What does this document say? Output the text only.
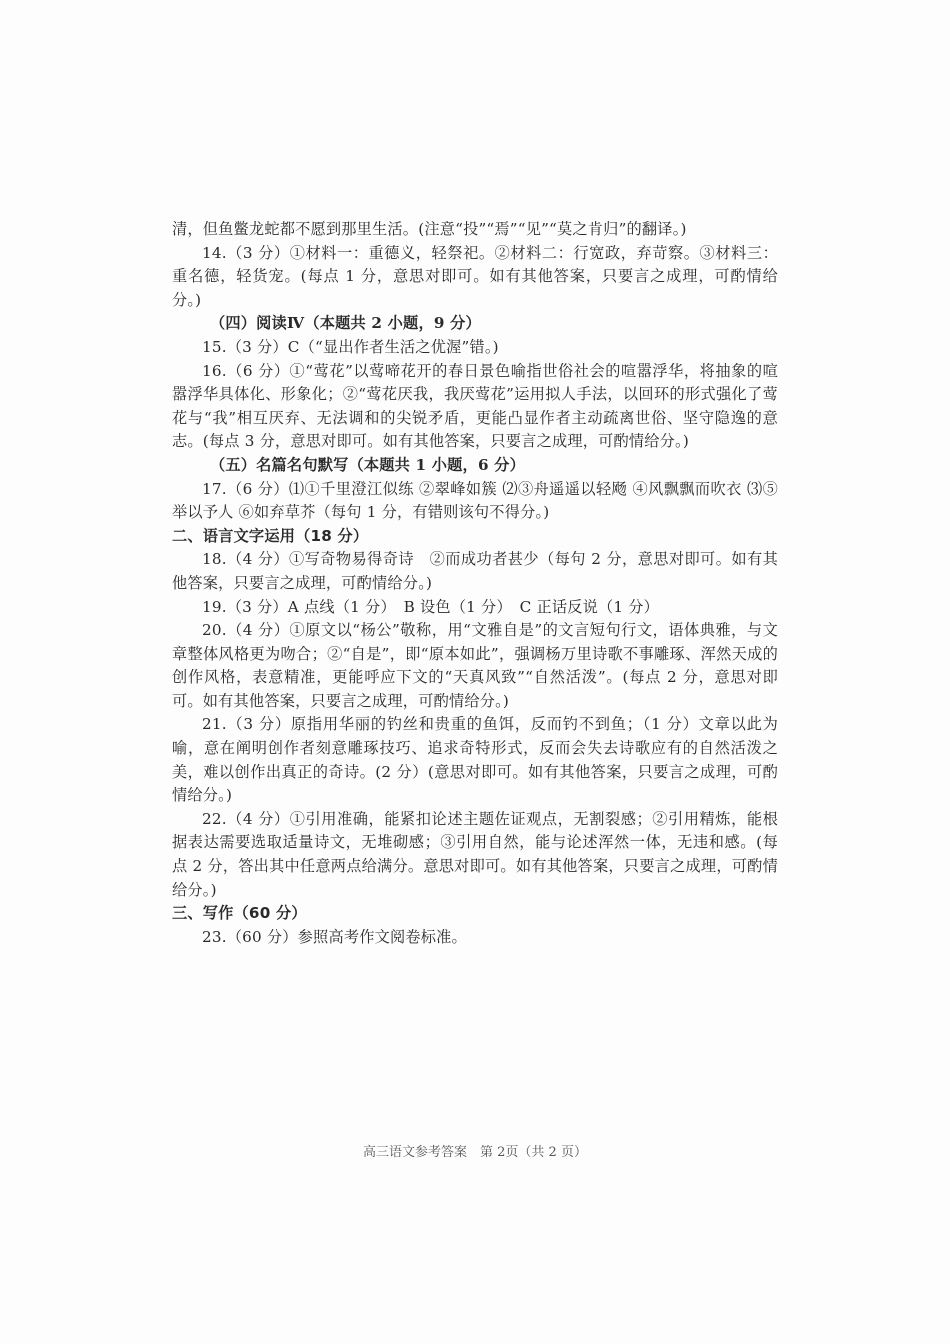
清，但鱼鳖龙蛇都不愿到那里生活。(注意“投”“焉”“见”“莫之肯归”的翻译。)

14.（3 分）①材料一：重德义，轻祭祀。②材料二：行宽政，弃苛察。③材料三：重名德，轻货宠。(每点 1 分，意思对即可。如有其他答案，只要言之成理，可酌情给分。)

（四）阅读Ⅳ（本题共 2 小题，9 分）

15.（3 分）C（“显出作者生活之优渥”错。)

16.（6 分）①“莺花”以莺啼花开的春日景色喻指世俗社会的喧嚣浮华，将抽象的喧嚣浮华具体化、形象化；②“莺花厌我，我厌莺花”运用拟人手法，以回环的形式强化了莺花与“我”相互厌弃、无法调和的尖锐矛盾，更能凸显作者主动疏离世俗、坚守隐逸的意志。(每点 3 分，意思对即可。如有其他答案，只要言之成理，可酌情给分。)

（五）名篇名句默写（本题共 1 小题，6 分）

17.（6 分）⑴①千里澄江似练 ②翠峰如簇 ⑵③舟遥遥以轻飏 ④风飘飘而吹衣 ⑶⑤举以予人 ⑥如弃草芥（每句 1 分，有错则该句不得分。)

二、语言文字运用（18 分）

18.（4 分）①写奇物易得奇诗　②而成功者甚少（每句 2 分，意思对即可。如有其他答案，只要言之成理，可酌情给分。)

19.（3 分）A 点线（1 分）　B 设色（1 分）　C 正话反说（1 分）

20.（4 分）①原文以“杨公”敬称，用“文雅自是”的文言短句行文，语体典雅，与文章整体风格更为吻合；②“自是”，即“原本如此”，强调杨万里诗歌不事雕琢、浑然天成的创作风格，表意精准，更能呼应下文的“天真风致”“自然活泼”。(每点 2 分，意思对即可。如有其他答案，只要言之成理，可酌情给分。)

21.（3 分）原指用华丽的钓丝和贵重的鱼饵，反而钓不到鱼；（1 分）文章以此为喻，意在阐明创作者刻意雕琢技巧、追求奇特形式，反而会失去诗歌应有的自然活泼之美，难以创作出真正的奇诗。(2 分）(意思对即可。如有其他答案，只要言之成理，可酌情给分。)

22.（4 分）①引用准确，能紧扣论述主题佐证观点，无割裂感；②引用精炼，能根据表达需要选取适量诗文，无堆砌感；③引用自然，能与论述浑然一体，无违和感。(每点 2 分，答出其中任意两点给满分。意思对即可。如有其他答案，只要言之成理，可酌情给分。)

三、写作（60 分）

23.（60 分）参照高考作文阅卷标准。

高三语文参考答案　第 2页（共 2 页）
